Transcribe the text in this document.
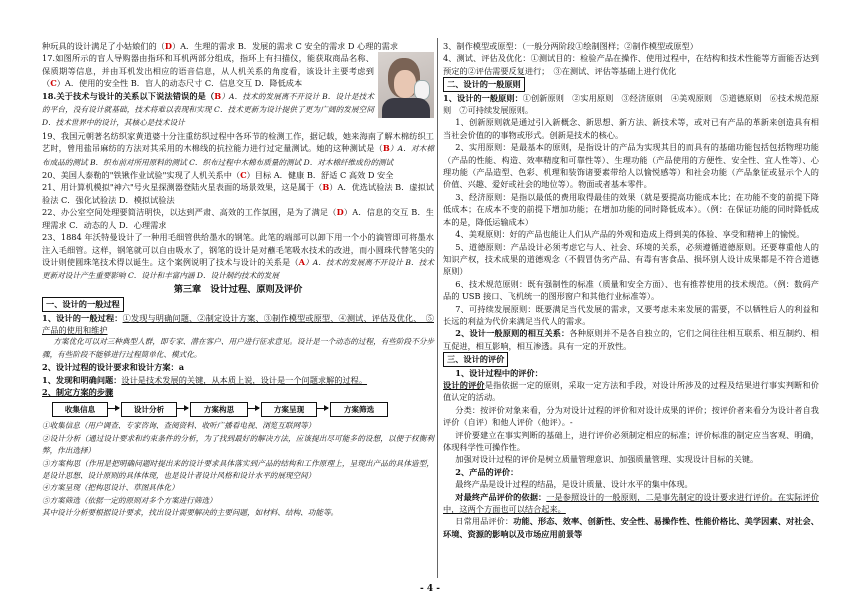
种玩具的设计满足了小姑娘们的（D）A．生理的需求 B．发展的需求 C 安全的需求 D 心理的需求

17.如图所示的盲人导购器由指环和耳机两部分组成，指环上有扫描仪，能获取商品名称、保质期等信息，并由耳机发出相应的语音信息，从人机关系的角度看，该设计主要考虑到（C）A．使用的安全性 B．盲人的动态尺寸 C．信息交互 D．降低成本

18.关于技术与设计的关系以下说法错误的是（B）A．技术的发展离不开设计 B．设计是技术的平台，没有设计就基础，技术将难以表现和实现 C．技术更新为设计提供了更为广阔的发展空间 D．技术世界中的设计，其核心是技术设计

19、我国元朝著名纺织家黄道婆十分注重纺织过程中各环节的检测工作，据记载，她来海南了解木棉纺织工艺时，曾用盐吊麻纺的方法对其采用的木棉线的抗拉能力进行过定量测试。她的这种测试是（B）A．对木棉布成品的测试 B．织布前对所用原料的测试 C．织布过程中木棉布质量的测试 D．对木棉纤维成份的测试

20、美国人泰勒的"铁锹作业试验"实现了人机关系中（C）目标 A．健康 B．舒适 C 高效 D 安全

21、用计算机模拟"神六"号火星探测器登陆火星表面的场景效果，这是属于（B）A．优选试验法 B．虚拟试验法 C．强化试验法 D．模拟试验法

22、办公室空间处理要简洁明快，以达到严肃、高效的工作氛围，是为了满足（D）A．信息的交互 B．生理需求 C．动态的人 D．心理需求

23、1884 年沃特曼设计了一种用毛细管供给墨水的钢笔。此笔的端部可以卸下用一个小的滴管即可将墨水注入毛细管。这样，钢笔就可以自由吸水了，钢笔的设计是对蘸毛笔吸水技术的改进，而小圆珠代替笔尖的设计则使圆珠笔技术得以诞生。这个案例说明了技术与设计的关系是（A）A．技术的发展离不开设计 B．技术更新对设计产生重要影响 C．设计和丰富内涵 D．设计制约技术的发展

第三章　设计过程、原则及评价

一、设计的一般过程

1、设计的一般过程：①发现与明确问题、②制定设计方案、③制作模型或原型、④测试、评估及优化、　⑤产品的使用和维护

方案优化可以对三种典型人群，即专家、潜在客户、用户进行征求意见。设计是一个动态的过程，有些阶段不分步骤，有些阶段不能够进行过程简单化、模式化。

2、设计过程的设计要求和设计方案：a

1、发现和明确问题：设计是技术发展的关键，从本质上说，设计是一个问题求解的过程。

2、制定方案的步骤

收集信息	设计分析	方案构思	方案呈现	方案筛选

①收集信息（用户调查、专家咨询、查阅资料、收听广播看电视、浏览互联网等）

②设计分析（通过设计要求和约束条件的分析，为了找到最好的解决方法，应该提出尽可能多的设想，以便于权衡利弊，作出选择）

③方案构思（作用是把明确问题时提出来的设计要求具体落实到产品的结构和工作原理上，呈现出产品的具体造型，是设计思想、设计原则的具体体现，也是设计者设计风格和设计水平的展现空间）

④方案呈现（把构思设计、草图具体化）

⑤方案筛选（依据一定的原则对多个方案进行筛选）

其中设计分析要根据设计要求，找出设计需要解决的主要问题，如材料、结构、功能等。

3、制作模型或原型：（一般分两阶段①绘制图样；②制作模型或原型）

4、测试、评估及优化：①测试目的：检验产品在操作、使用过程中，在结构和技术性能等方面能否达到预定的②评估需要反复进行；　③在测试、评估等基础上进行优化

二、设计的一般原则

1、设计的一般原则：①创新原则　②实用原则　③经济原则　④美观原则　⑤道德原则　⑥技术规范原则　⑦可持续发展原则。

1、创新原则就是通过引入新概念、新思想、新方法、新技术等，或对已有产品的革新来创造具有相当社会价值的的事物或形式。创新是技术的核心。

2、实用原则：是最基本的原则，是指设计的产品为实现其目的而具有的基础功能包括包括物理功能（产品的性能、构造、效率精度和可靠性等）、生理功能（产品使用的方便性、安全性、宜人性等）、心理功能（产品造型、色彩、机理和装饰诸要素带给人以愉悦感等）和社会功能（产品象征或显示个人的价值、兴趣、爱好或社会的地位等）。物面或者基本零件。

3、经济原则：是指以最低的费用取得最佳的效果（就是要提高功能成本比；在功能不变的前提下降低成本；在成本不变的前提下增加功能；在增加功能的同时降低成本）。（例：在保证功能的同时降低成本的是，降低运输成本）

4、美观原则：好的产品也能让人们从产品的外观和造成上得到美的体验、享受和精神上的愉悦。

5、道德原则：产品设计必须考虑它与人、社会、环境的关系，必须遵循道德原则。还要尊重他人的知识产权，技术成果的道德观念（不假冒伪劣产品、有毒有害食品、损坏别人设计成果都是不符合道德原则）

6、技术规范原则：既有强制性的标准（质量和安全方面）、也有推荐使用的技术规范。（例：数码产品的 USB 接口、飞机统一的图形窗户和其他行业标准等）。

7、可持续发展原则：既要满足当代发展的需求，又要考虑未来发展的需要，不以牺牲后人的利益和长远的利益为代价来满足当代人的需求。

2、设计一般原则的相互关系：各种原则并不是各自独立的，它们之间往往相互联系、相互制约、相互促进，相互影响，相互渗透。具有一定的开放性。

三、设计的评价

1、设计过程中的评价：

设计的评价是指依据一定的原则，采取一定方法和手段，对设计所涉及的过程及结果进行事实判断和价值认定的活动。

分类：按评价对象来看，分为对设计过程的评价和对设计成果的评价；按评价者来看分为设计者自我评价（自评）和他人评价（他评）。-

评价要建立在事实判断的基础上，进行评价必须制定相应的标准；评价标准的制定应当客观、明确，体现科学性可操作性。

加强对设计过程的评价是树立质量管理意识、加强质量管理、实现设计目标的关键。

2、产品的评价：

最终产品是设计过程的结晶，是设计质量、设计水平的集中体现。

对最终产品评价的依据：一是参照设计的一般原则，二是事先制定的设计要求进行评价。在实际评价中，这两个方面也可以结合起来。

日常用品评价：功能、形态、效率、创新性、安全性、易操作性、性能价格比、美学因素、对社会、环境、资源的影响以及市场应用前景等

- 4 -
